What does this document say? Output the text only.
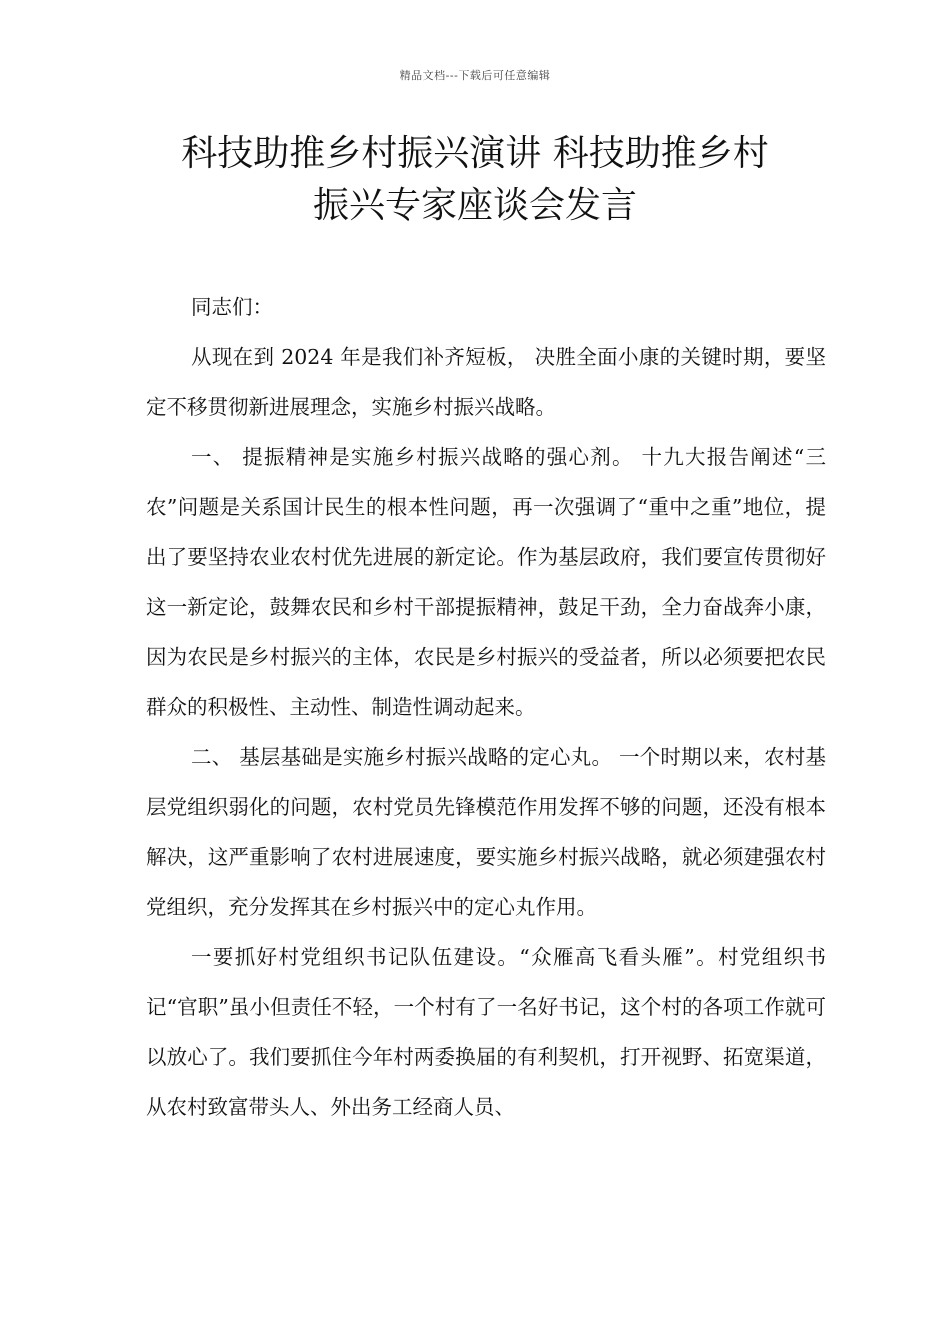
精品文档---下载后可任意编辑
科技助推乡村振兴演讲 科技助推乡村
振兴专家座谈会发言

同志们：

从现在到 2024 年是我们补齐短板， 决胜全面小康的关键时期，要坚定不移贯彻新进展理念，实施乡村振兴战略。

一、 提振精神是实施乡村振兴战略的强心剂。 十九大报告阐述“三农”问题是关系国计民生的根本性问题，再一次强调了“重中之重”地位，提出了要坚持农业农村优先进展的新定论。作为基层政府，我们要宣传贯彻好这一新定论，鼓舞农民和乡村干部提振精神，鼓足干劲，全力奋战奔小康，因为农民是乡村振兴的主体，农民是乡村振兴的受益者，所以必须要把农民群众的积极性、主动性、制造性调动起来。

二、 基层基础是实施乡村振兴战略的定心丸。 一个时期以来，农村基层党组织弱化的问题，农村党员先锋模范作用发挥不够的问题，还没有根本解决，这严重影响了农村进展速度，要实施乡村振兴战略，就必须建强农村党组织，充分发挥其在乡村振兴中的定心丸作用。

一要抓好村党组织书记队伍建设。“众雁高飞看头雁”。村党组织书记“官职”虽小但责任不轻，一个村有了一名好书记，这个村的各项工作就可以放心了。我们要抓住今年村两委换届的有利契机，打开视野、拓宽渠道，从农村致富带头人、外出务工经商人员、
